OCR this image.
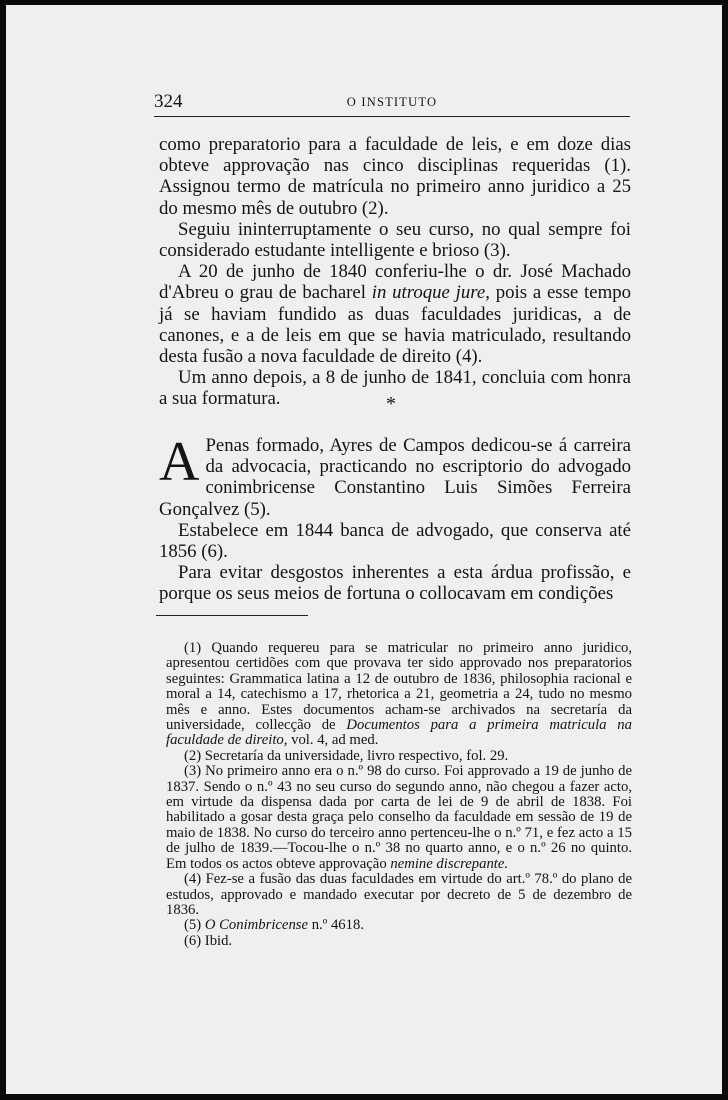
324	O INSTITUTO

como preparatorio para a faculdade de leis, e em doze dias obteve approvação nas cinco disciplinas requeridas (1). Assignou termo de matrícula no primeiro anno juridico a 25 do mesmo mês de outubro (2).

Seguiu ininterruptamente o seu curso, no qual sempre foi considerado estudante intelligente e brioso (3).

A 20 de junho de 1840 conferiu-lhe o dr. José Machado d'Abreu o grau de bacharel in utroque jure, pois a esse tempo já se haviam fundido as duas faculdades juridicas, a de canones, e a de leis em que se havia matriculado, resultando desta fusão a nova faculdade de direito (4).

Um anno depois, a 8 de junho de 1841, concluia com honra a sua formatura.	*

A Penas formado, Ayres de Campos dedicou-se á carreira da advocacia, practicando no escriptorio do advogado conimbricense Constantino Luis Simões Ferreira Gonçalvez (5).

Estabelece em 1844 banca de advogado, que conserva até 1856 (6).

Para evitar desgostos inherentes a esta árdua profissão, e porque os seus meios de fortuna o collocavam em condições

(1) Quando requereu para se matricular no primeiro anno juridico, apresentou certidões com que provava ter sido approvado nos preparatorios seguintes: Grammatica latina a 12 de outubro de 1836, philosophia racional e moral a 14, catechismo a 17, rhetorica a 21, geometria a 24, tudo no mesmo mês e anno. Estes documentos acham-se archivados na secretaría da universidade, collecção de Documentos para a primeira matricula na faculdade de direito, vol. 4, ad med.

(2) Secretaría da universidade, livro respectivo, fol. 29.

(3) No primeiro anno era o n.º 98 do curso. Foi approvado a 19 de junho de 1837. Sendo o n.º 43 no seu curso do segundo anno, não chegou a fazer acto, em virtude da dispensa dada por carta de lei de 9 de abril de 1838. Foi habilitado a gosar desta graça pelo conselho da faculdade em sessão de 19 de maio de 1838. No curso do terceiro anno pertenceu-lhe o n.º 71, e fez acto a 15 de julho de 1839.—Tocou-lhe o n.º 38 no quarto anno, e o n.º 26 no quinto. Em todos os actos obteve approvação nemine discrepante.

(4) Fez-se a fusão das duas faculdades em virtude do art.º 78.º do plano de estudos, approvado e mandado executar por decreto de 5 de dezembro de 1836.

(5) O Conimbricense n.º 4618.

(6) Ibid.
